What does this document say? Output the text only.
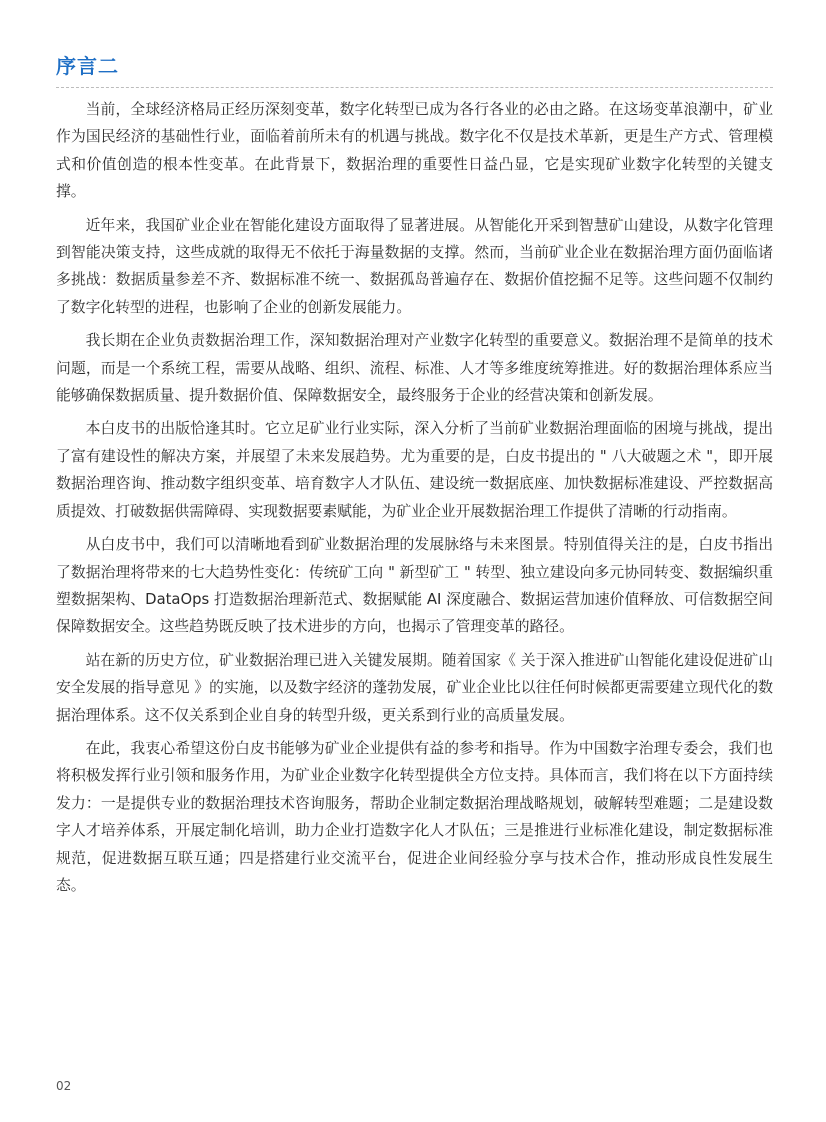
序言二

当前，全球经济格局正经历深刻变革，数字化转型已成为各行各业的必由之路。在这场变革浪潮中，矿业作为国民经济的基础性行业，面临着前所未有的机遇与挑战。数字化不仅是技术革新，更是生产方式、管理模式和价值创造的根本性变革。在此背景下，数据治理的重要性日益凸显，它是实现矿业数字化转型的关键支撑。

近年来，我国矿业企业在智能化建设方面取得了显著进展。从智能化开采到智慧矿山建设，从数字化管理到智能决策支持，这些成就的取得无不依托于海量数据的支撑。然而，当前矿业企业在数据治理方面仍面临诸多挑战：数据质量参差不齐、数据标准不统一、数据孤岛普遍存在、数据价值挖掘不足等。这些问题不仅制约了数字化转型的进程，也影响了企业的创新发展能力。

我长期在企业负责数据治理工作，深知数据治理对产业数字化转型的重要意义。数据治理不是简单的技术问题，而是一个系统工程，需要从战略、组织、流程、标准、人才等多维度统筹推进。好的数据治理体系应当能够确保数据质量、提升数据价值、保障数据安全，最终服务于企业的经营决策和创新发展。

本白皮书的出版恰逢其时。它立足矿业行业实际，深入分析了当前矿业数据治理面临的困境与挑战，提出了富有建设性的解决方案，并展望了未来发展趋势。尤为重要的是，白皮书提出的 " 八大破题之术 "，即开展数据治理咨询、推动数字组织变革、培育数字人才队伍、建设统一数据底座、加快数据标准建设、严控数据高质提效、打破数据供需障碍、实现数据要素赋能，为矿业企业开展数据治理工作提供了清晰的行动指南。

从白皮书中，我们可以清晰地看到矿业数据治理的发展脉络与未来图景。特别值得关注的是，白皮书指出了数据治理将带来的七大趋势性变化：传统矿工向 " 新型矿工 " 转型、独立建设向多元协同转变、数据编织重塑数据架构、DataOps 打造数据治理新范式、数据赋能 AI 深度融合、数据运营加速价值释放、可信数据空间保障数据安全。这些趋势既反映了技术进步的方向，也揭示了管理变革的路径。

站在新的历史方位，矿业数据治理已进入关键发展期。随着国家《 关于深入推进矿山智能化建设促进矿山安全发展的指导意见 》的实施，以及数字经济的蓬勃发展，矿业企业比以往任何时候都更需要建立现代化的数据治理体系。这不仅关系到企业自身的转型升级，更关系到行业的高质量发展。

在此，我衷心希望这份白皮书能够为矿业企业提供有益的参考和指导。作为中国数字治理专委会，我们也将积极发挥行业引领和服务作用，为矿业企业数字化转型提供全方位支持。具体而言，我们将在以下方面持续发力：一是提供专业的数据治理技术咨询服务，帮助企业制定数据治理战略规划，破解转型难题；二是建设数字人才培养体系，开展定制化培训，助力企业打造数字化人才队伍；三是推进行业标准化建设，制定数据标准规范，促进数据互联互通；四是搭建行业交流平台，促进企业间经验分享与技术合作，推动形成良性发展生态。

02
